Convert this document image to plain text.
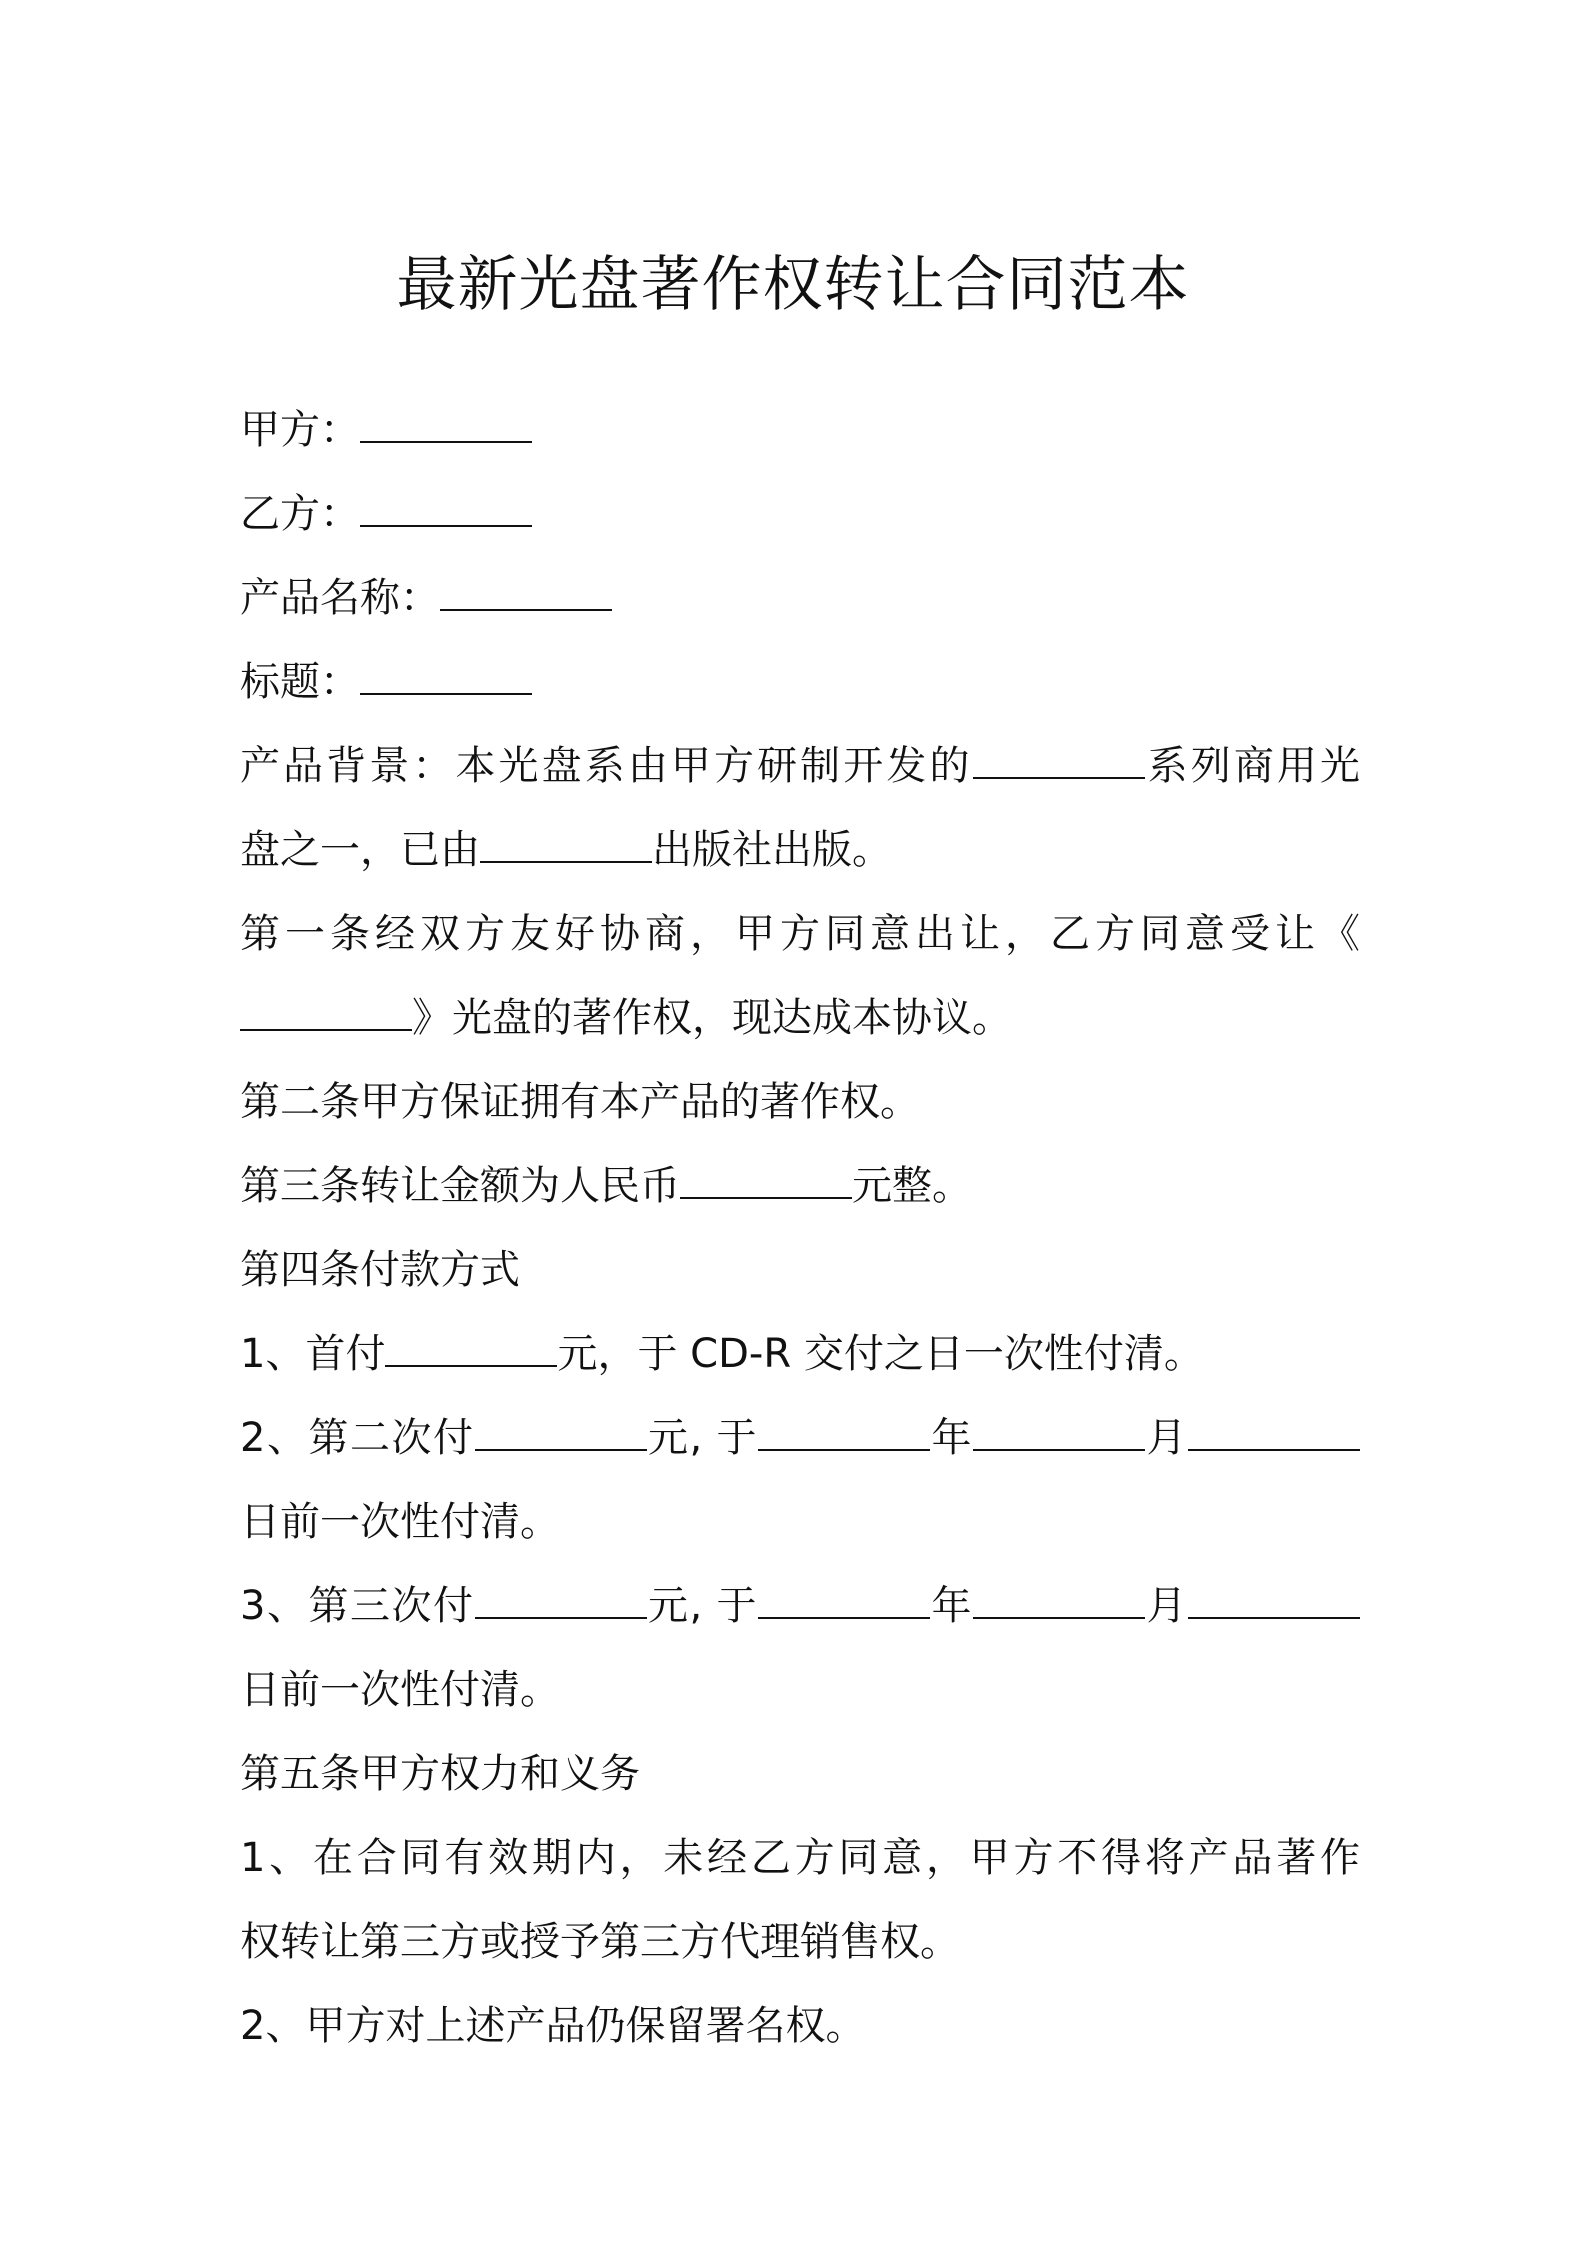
最新光盘著作权转让合同范本
甲方：
乙方：
产品名称：
标题：
产品背景：本光盘系由甲方研制开发的	系列商用光
盘之一，已由	出版社出版。
第一条经双方友好协商，甲方同意出让，乙方同意受让《
》光盘的著作权，现达成本协议。
第二条甲方保证拥有本产品的著作权。
第三条转让金额为人民币	元整。
第四条付款方式
1、首付	元，于 CD-R 交付之日一次性付清。
2、第二次付	元, 于	年	月
日前一次性付清。
3、第三次付	元, 于	年	月
日前一次性付清。
第五条甲方权力和义务
1、在合同有效期内，未经乙方同意，甲方不得将产品著作
权转让第三方或授予第三方代理销售权。
2、甲方对上述产品仍保留署名权。
